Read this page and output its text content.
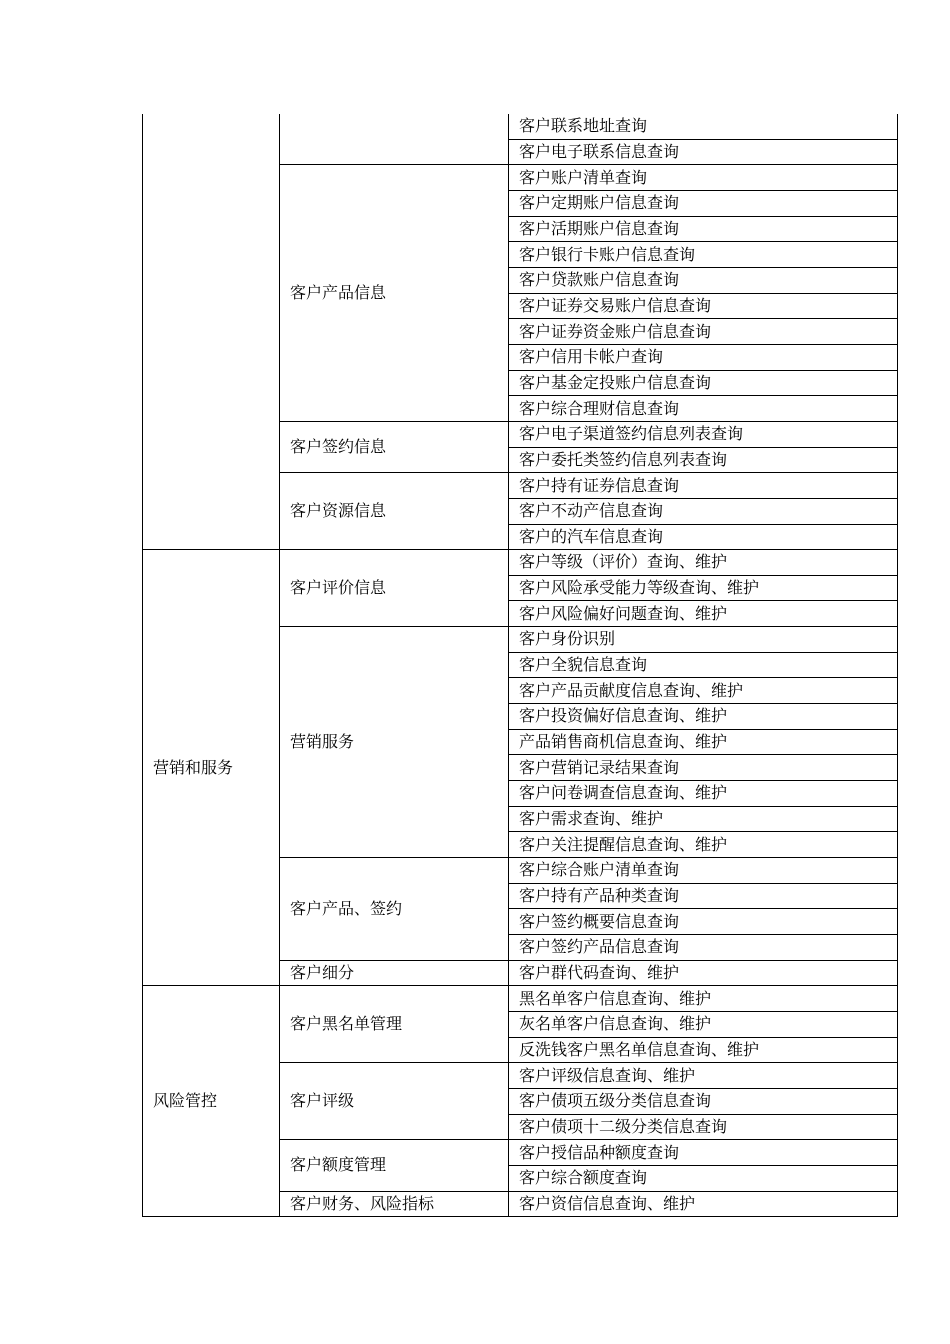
		客户联系地址查询
		客户电子联系信息查询
	客户产品信息	客户账户清单查询
		客户定期账户信息查询
		客户活期账户信息查询
		客户银行卡账户信息查询
		客户贷款账户信息查询
		客户证券交易账户信息查询
		客户证券资金账户信息查询
		客户信用卡帐户查询
		客户基金定投账户信息查询
		客户综合理财信息查询
	客户签约信息	客户电子渠道签约信息列表查询
		客户委托类签约信息列表查询
	客户资源信息	客户持有证券信息查询
		客户不动产信息查询
		客户的汽车信息查询
营销和服务	客户评价信息	客户等级（评价）查询、维护
		客户风险承受能力等级查询、维护
		客户风险偏好问题查询、维护
	营销服务	客户身份识别
		客户全貌信息查询
		客户产品贡献度信息查询、维护
		客户投资偏好信息查询、维护
		产品销售商机信息查询、维护
		客户营销记录结果查询
		客户问卷调查信息查询、维护
		客户需求查询、维护
		客户关注提醒信息查询、维护
	客户产品、签约	客户综合账户清单查询
		客户持有产品种类查询
		客户签约概要信息查询
		客户签约产品信息查询
	客户细分	客户群代码查询、维护
风险管控	客户黑名单管理	黑名单客户信息查询、维护
		灰名单客户信息查询、维护
		反洗钱客户黑名单信息查询、维护
	客户评级	客户评级信息查询、维护
		客户债项五级分类信息查询
		客户债项十二级分类信息查询
	客户额度管理	客户授信品种额度查询
		客户综合额度查询
	客户财务、风险指标	客户资信信息查询、维护
